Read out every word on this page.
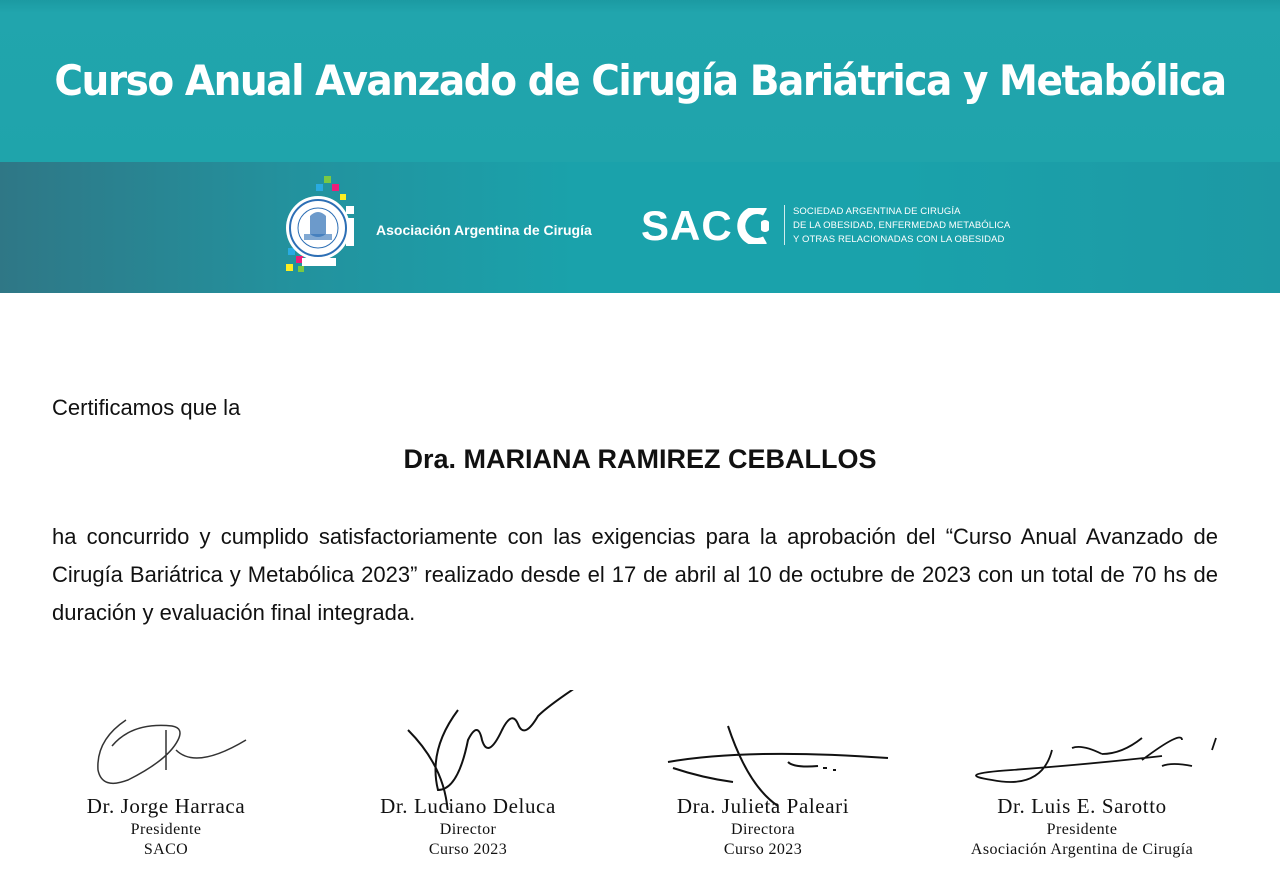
Curso Anual Avanzado de Cirugía Bariátrica y Metabólica
Asociación Argentina de Cirugía SAC	SOCIEDAD ARGENTINA DE CIRUGÍA
DE LA OBESIDAD, ENFERMEDAD METABÓLICA
Y OTRAS RELACIONADAS CON LA OBESIDAD
Certificamos que la
Dra. MARIANA RAMIREZ CEBALLOS
ha concurrido y cumplido satisfactoriamente con las exigencias para la aprobación del “Curso Anual Avanzado de Cirugía Bariátrica y Metabólica 2023” realizado desde el 17 de abril al 10 de octubre de 2023 con un total de 70 hs de duración y evaluación final integrada.
Dr. Jorge Harraca
Presidente
SACO
Dr. Luciano Deluca
Director
Curso 2023
Dra. Julieta Paleari
Directora
Curso 2023
Dr. Luis E. Sarotto
Presidente
Asociación Argentina de Cirugía
